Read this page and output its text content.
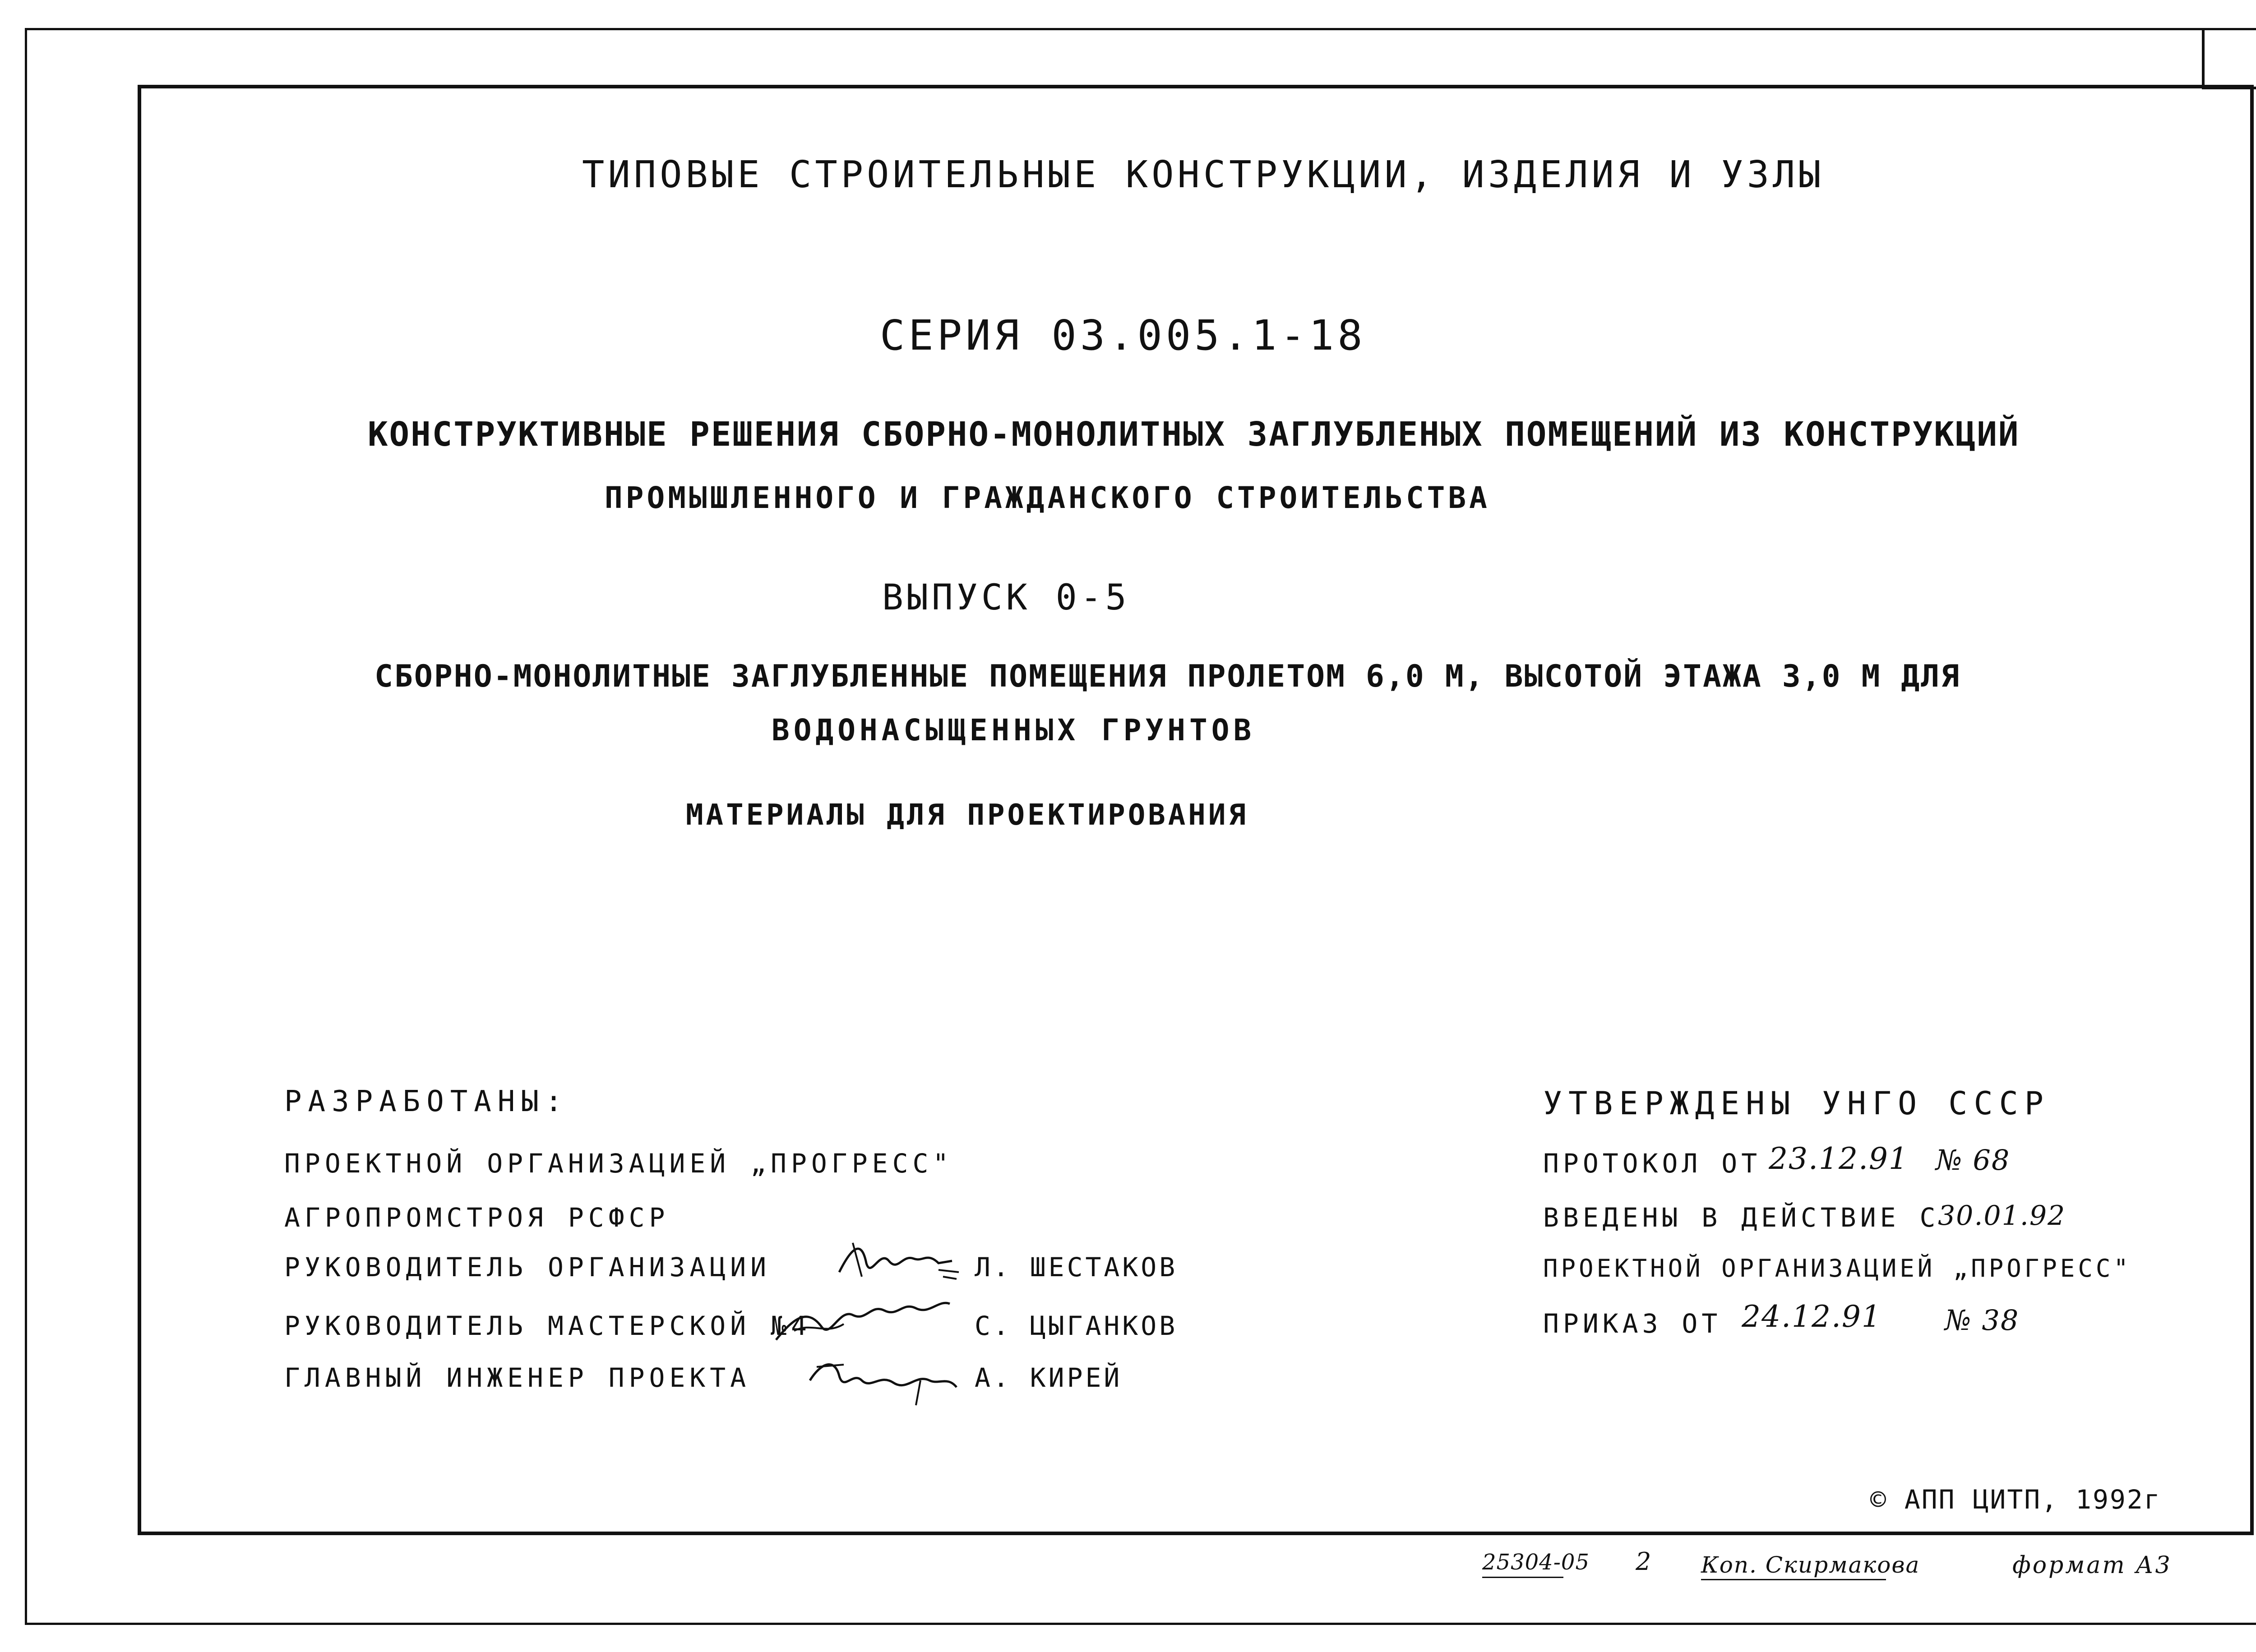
ТИПОВЫЕ СТРОИТЕЛЬНЫЕ КОНСТРУКЦИИ, ИЗДЕЛИЯ И УЗЛЫ
СЕРИЯ 03.005.1-18
КОНСТРУКТИВНЫЕ РЕШЕНИЯ СБОРНО-МОНОЛИТНЫХ ЗАГЛУБЛЕНЫХ ПОМЕЩЕНИЙ ИЗ КОНСТРУКЦИЙ
ПРОМЫШЛЕННОГО И ГРАЖДАНСКОГО СТРОИТЕЛЬСТВА
ВЫПУСК 0-5
СБОРНО-МОНОЛИТНЫЕ ЗАГЛУБЛЕННЫЕ ПОМЕЩЕНИЯ ПРОЛЕТОМ 6,0 М, ВЫСОТОЙ ЭТАЖА 3,0 М ДЛЯ
ВОДОНАСЫЩЕННЫХ ГРУНТОВ
МАТЕРИАЛЫ ДЛЯ ПРОЕКТИРОВАНИЯ
РАЗРАБОТАНЫ:
ПРОЕКТНОЙ ОРГАНИЗАЦИЕЙ „ПРОГРЕСС"
АГРОПРОМСТРОЯ РСФСР
РУКОВОДИТЕЛЬ ОРГАНИЗАЦИИ	Л. ШЕСТАКОВ
РУКОВОДИТЕЛЬ МАСТЕРСКОЙ №4	С. ЦЫГАНКОВ
ГЛАВНЫЙ ИНЖЕНЕР ПРОЕКТА	А. КИРЕЙ
УТВЕРЖДЕНЫ УНГО СССР
ПРОТОКОЛ ОТ 23.12.91 № 68
ВВЕДЕНЫ В ДЕЙСТВИЕ С
30.01.92
ПРОЕКТНОЙ ОРГАНИЗАЦИЕЙ „ПРОГРЕСС"
ПРИКАЗ ОТ 24.12.91 № 38
© АПП ЦИТП, 1992г
25304-05 2 Коп. Скирмакова	формат А3
